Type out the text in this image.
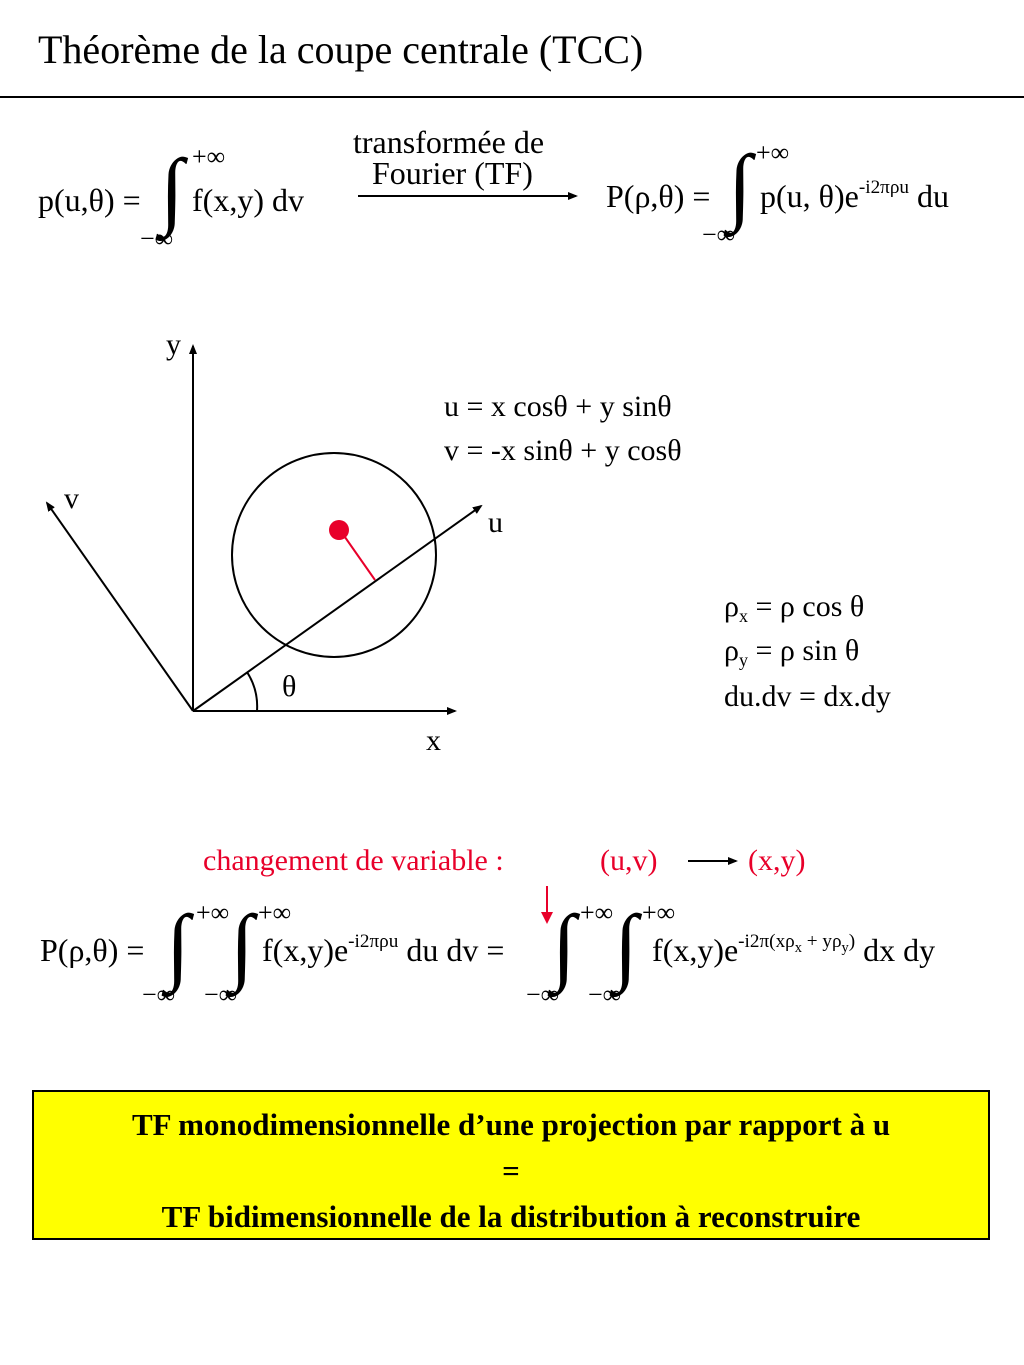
Théorème de la coupe centrale (TCC)
p(u,θ) = ∫ +∞
−∞
f(x,y) dv
transformée de
Fourier (TF)
P(ρ,θ) = ∫ +∞
−∞
p(u, $\theta)e^{-i2\pi\rho u}$ du
y
x
u
v
θ
u = x cosθ + y sinθ
v = -x sinθ + y cosθ
$\rho_x = \rho$ cos θ
$\rho_y = \rho$ sin θ
du.dv = dx.dy
changement de variable :	(u,v)	(x,y)
P(ρ,θ) = ∫ +∞
−∞
∫ +∞
−∞
$f(x,y)e^{-i2\pi\rho u}$ du dv = ∫ +∞
−∞
∫ +∞
−∞
$f(x,y)e^{-i2\pi(x\rho_x + y\rho_y)}$ dx dy
TF monodimensionnelle d’une projection par rapport à u
=
TF bidimensionnelle de la distribution à reconstruire
